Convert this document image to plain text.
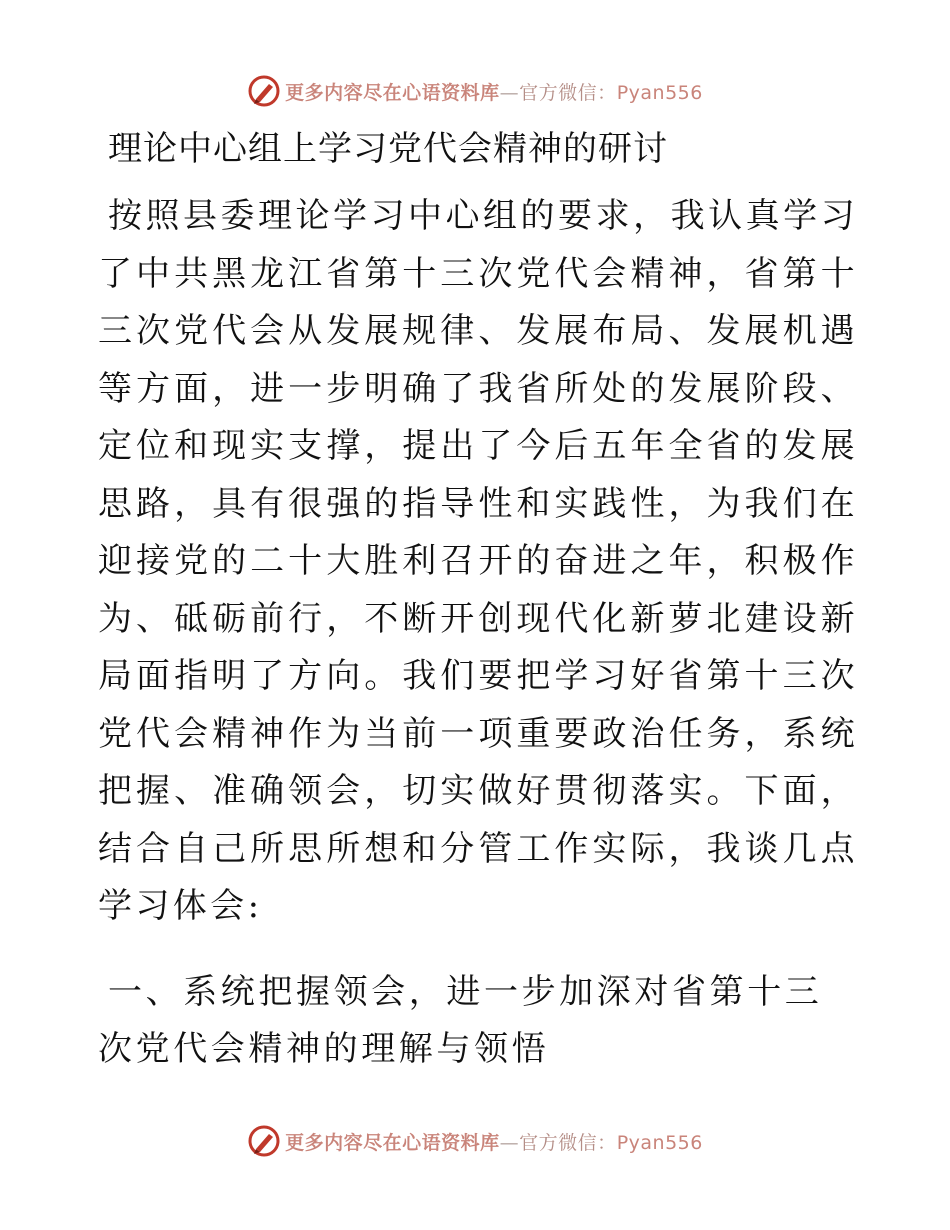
更多内容尽在心语资料库—官方微信：Pyan556
理论中心组上学习党代会精神的研讨

按照县委理论学习中心组的要求，我认真学习了中共黑龙江省第十三次党代会精神，省第十三次党代会从发展规律、发展布局、发展机遇等方面，进一步明确了我省所处的发展阶段、定位和现实支撑，提出了今后五年全省的发展思路，具有很强的指导性和实践性，为我们在迎接党的二十大胜利召开的奋进之年，积极作为、砥砺前行，不断开创现代化新萝北建设新局面指明了方向。我们要把学习好省第十三次党代会精神作为当前一项重要政治任务，系统把握、准确领会，切实做好贯彻落实。下面，结合自己所思所想和分管工作实际，我谈几点学习体会:

一、系统把握领会，进一步加深对省第十三次党代会精神的理解与领悟

更多内容尽在心语资料库—官方微信：Pyan556
